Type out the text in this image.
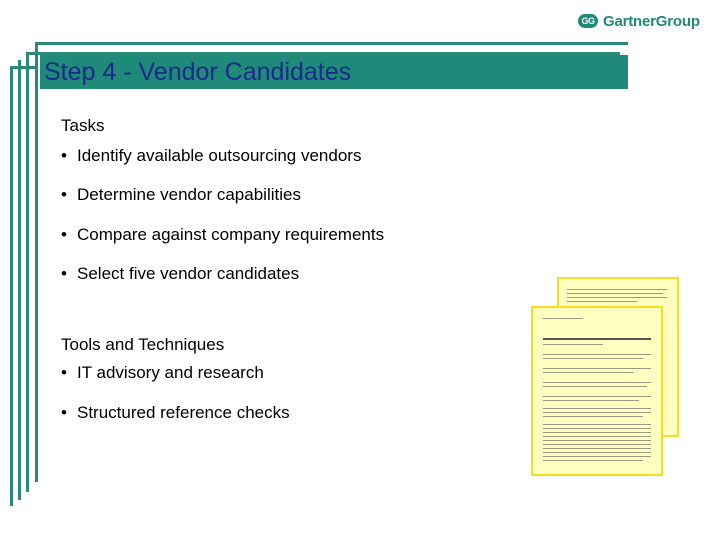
GG GartnerGroup
Step 4 - Vendor Candidates
Tasks
• Identify available outsourcing vendors
• Determine vendor capabilities
• Compare against company requirements
• Select five vendor candidates
Tools and Techniques
• IT advisory and research
• Structured reference checks
